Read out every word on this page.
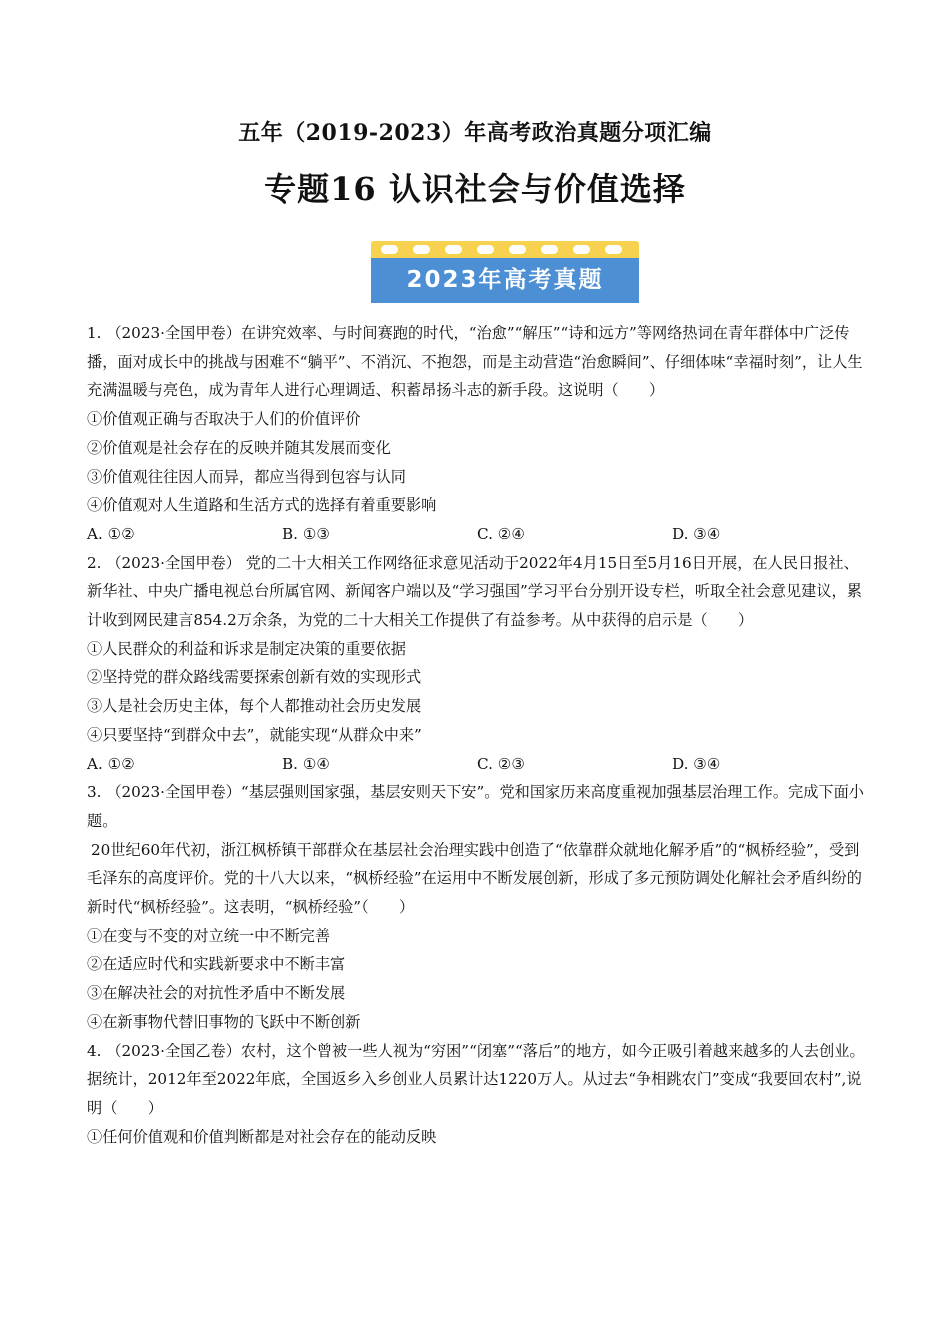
五年（2019-2023）年高考政治真题分项汇编
专题16 认识社会与价值选择
2023年高考真题

1. （2023·全国甲卷）在讲究效率、与时间赛跑的时代，“治愈”“解压”“诗和远方”等网络热词在青年群体中广泛传播，面对成长中的挑战与困难不“躺平”、不消沉、不抱怨，而是主动营造“治愈瞬间”、仔细体味“幸福时刻”，让人生充满温暖与亮色，成为青年人进行心理调适、积蓄昂扬斗志的新手段。这说明（　　）

①价值观正确与否取决于人们的价值评价

②价值观是社会存在的反映并随其发展而变化

③价值观往往因人而异，都应当得到包容与认同

④价值观对人生道路和生活方式的选择有着重要影响

A. ①②	B. ①③	C. ②④	D. ③④

2. （2023·全国甲卷） 党的二十大相关工作网络征求意见活动于2022年4月15日至5月16日开展，在人民日报社、新华社、中央广播电视总台所属官网、新闻客户端以及“学习强国”学习平台分别开设专栏，听取全社会意见建议，累计收到网民建言854.2万余条，为党的二十大相关工作提供了有益参考。从中获得的启示是（　　）

①人民群众的利益和诉求是制定决策的重要依据

②坚持党的群众路线需要探索创新有效的实现形式

③人是社会历史主体，每个人都推动社会历史发展

④只要坚持“到群众中去”，就能实现“从群众中来”

A. ①②	B. ①④	C. ②③	D. ③④

3. （2023·全国甲卷）“基层强则国家强，基层安则天下安”。党和国家历来高度重视加强基层治理工作。完成下面小题。

20世纪60年代初，浙江枫桥镇干部群众在基层社会治理实践中创造了“依靠群众就地化解矛盾”的“枫桥经验”，受到毛泽东的高度评价。党的十八大以来，“枫桥经验”在运用中不断发展创新，形成了多元预防调处化解社会矛盾纠纷的新时代“枫桥经验”。这表明，“枫桥经验”（　　）

①在变与不变的对立统一中不断完善

②在适应时代和实践新要求中不断丰富

③在解决社会的对抗性矛盾中不断发展

④在新事物代替旧事物的飞跃中不断创新

4. （2023·全国乙卷）农村，这个曾被一些人视为“穷困”“闭塞”“落后”的地方，如今正吸引着越来越多的人去创业。据统计，2012年至2022年底，全国返乡入乡创业人员累计达1220万人。从过去“争相跳农门”变成“我要回农村”,说明（　　）

①任何价值观和价值判断都是对社会存在的能动反映
